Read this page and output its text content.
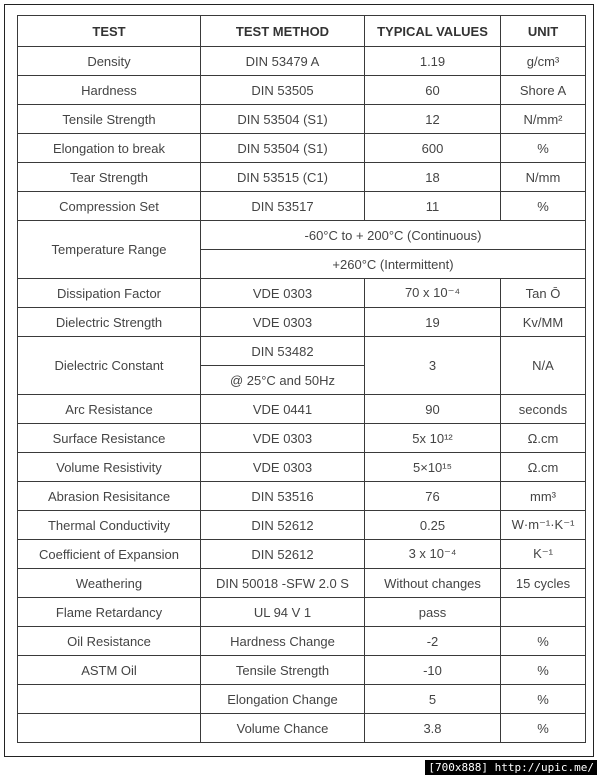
TEST	TEST METHOD	TYPICAL VALUES	UNIT
Density	DIN 53479 A	1.19	g/cm³
Hardness	DIN 53505	60	Shore A
Tensile Strength	DIN 53504 (S1)	12	N/mm²
Elongation to break	DIN 53504 (S1)	600	%
Tear Strength	DIN 53515 (C1)	18	N/mm
Compression Set	DIN 53517	11	%
Temperature Range	-60°C to + 200°C (Continuous)		
	+260°C (Intermittent)		
Dissipation Factor	VDE 0303	70 x 10⁻⁴	Tan Ō
Dielectric Strength	VDE 0303	19	Kv/MM
Dielectric Constant	DIN 53482	3	N/A
	@ 25°C and 50Hz		
Arc Resistance	VDE 0441	90	seconds
Surface Resistance	VDE 0303	5x 10¹²	Ω.cm
Volume Resistivity	VDE 0303	5×10¹⁵	Ω.cm
Abrasion Resisitance	DIN 53516	76	mm³
Thermal Conductivity	DIN 52612	0.25	W·m⁻¹·K⁻¹
Coefficient of Expansion	DIN 52612	3 x 10⁻⁴	K⁻¹
Weathering	DIN 50018 -SFW 2.0 S	Without changes	15 cycles
Flame Retardancy	UL 94 V 1	pass	
Oil Resistance	Hardness Change	-2	%
ASTM Oil	Tensile Strength	-10	%
	Elongation Change	5	%
	Volume Chance	3.8	%
[700x888] http://upic.me/
